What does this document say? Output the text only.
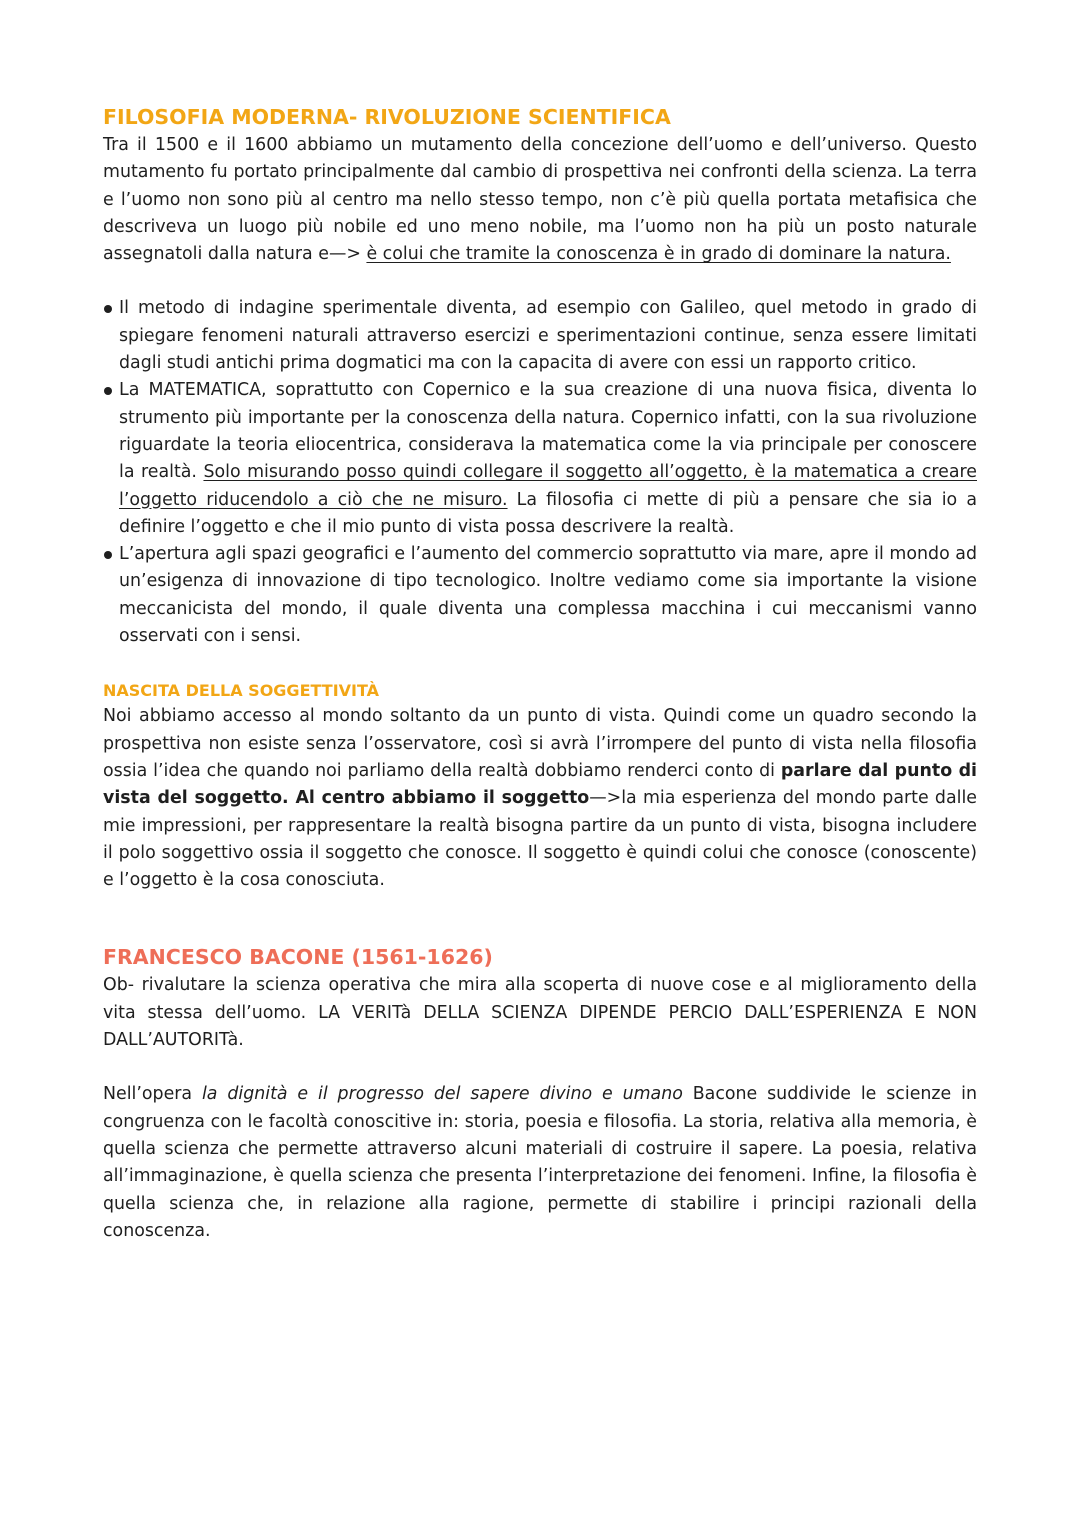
FILOSOFIA MODERNA- RIVOLUZIONE SCIENTIFICA

Tra il 1500 e il 1600 abbiamo un mutamento della concezione dell’uomo e dell’universo. Questo mutamento fu portato principalmente dal cambio di prospettiva nei confronti della scienza. La terra e l’uomo non sono più al centro ma nello stesso tempo, non c’è più quella portata metafisica che descriveva un luogo più nobile ed uno meno nobile, ma l’uomo non ha più un posto naturale assegnatoli dalla natura e—> è colui che tramite la conoscenza è in grado di dominare la natura.

Il metodo di indagine sperimentale diventa, ad esempio con Galileo, quel metodo in grado di spiegare fenomeni naturali attraverso esercizi e sperimentazioni continue, senza essere limitati dagli studi antichi prima dogmatici ma con la capacita di avere con essi un rapporto critico.
La MATEMATICA, soprattutto con Copernico e la sua creazione di una nuova fisica, diventa lo strumento più importante per la conoscenza della natura. Copernico infatti, con la sua rivoluzione riguardate la teoria eliocentrica, considerava la matematica come la via principale per conoscere la realtà. Solo misurando posso quindi collegare il soggetto all’oggetto, è la matematica a creare l’oggetto riducendolo a ciò che ne misuro. La filosofia ci mette di più a pensare che sia io a definire l’oggetto e che il mio punto di vista possa descrivere la realtà.
L’apertura agli spazi geografici e l’aumento del commercio soprattutto via mare, apre il mondo ad un’esigenza di innovazione di tipo tecnologico. Inoltre vediamo come sia importante la visione meccanicista del mondo, il quale diventa una complessa macchina i cui meccanismi vanno osservati con i sensi.
NASCITA DELLA SOGGETTIVITÀ

Noi abbiamo accesso al mondo soltanto da un punto di vista. Quindi come un quadro secondo la prospettiva non esiste senza l’osservatore, così si avrà l’irrompere del punto di vista nella filosofia ossia l’idea che quando noi parliamo della realtà dobbiamo renderci conto di parlare dal punto di vista del soggetto. Al centro abbiamo il soggetto—>la mia esperienza del mondo parte dalle mie impressioni, per rappresentare la realtà bisogna partire da un punto di vista, bisogna includere il polo soggettivo ossia il soggetto che conosce. Il soggetto è quindi colui che conosce (conoscente) e l’oggetto è la cosa conosciuta.

FRANCESCO BACONE (1561-1626)

Ob- rivalutare la scienza operativa che mira alla scoperta di nuove cose e al miglioramento della vita stessa dell’uomo. LA VERITà DELLA SCIENZA DIPENDE PERCIO DALL’ESPERIENZA E NON DALL’AUTORITà.

Nell’opera la dignità e il progresso del sapere divino e umano Bacone suddivide le scienze in congruenza con le facoltà conoscitive in: storia, poesia e filosofia. La storia, relativa alla memoria, è quella scienza che permette attraverso alcuni materiali di costruire il sapere. La poesia, relativa all’immaginazione, è quella scienza che presenta l’interpretazione dei fenomeni. Infine, la filosofia è quella scienza che, in relazione alla ragione, permette di stabilire i principi razionali della conoscenza.
